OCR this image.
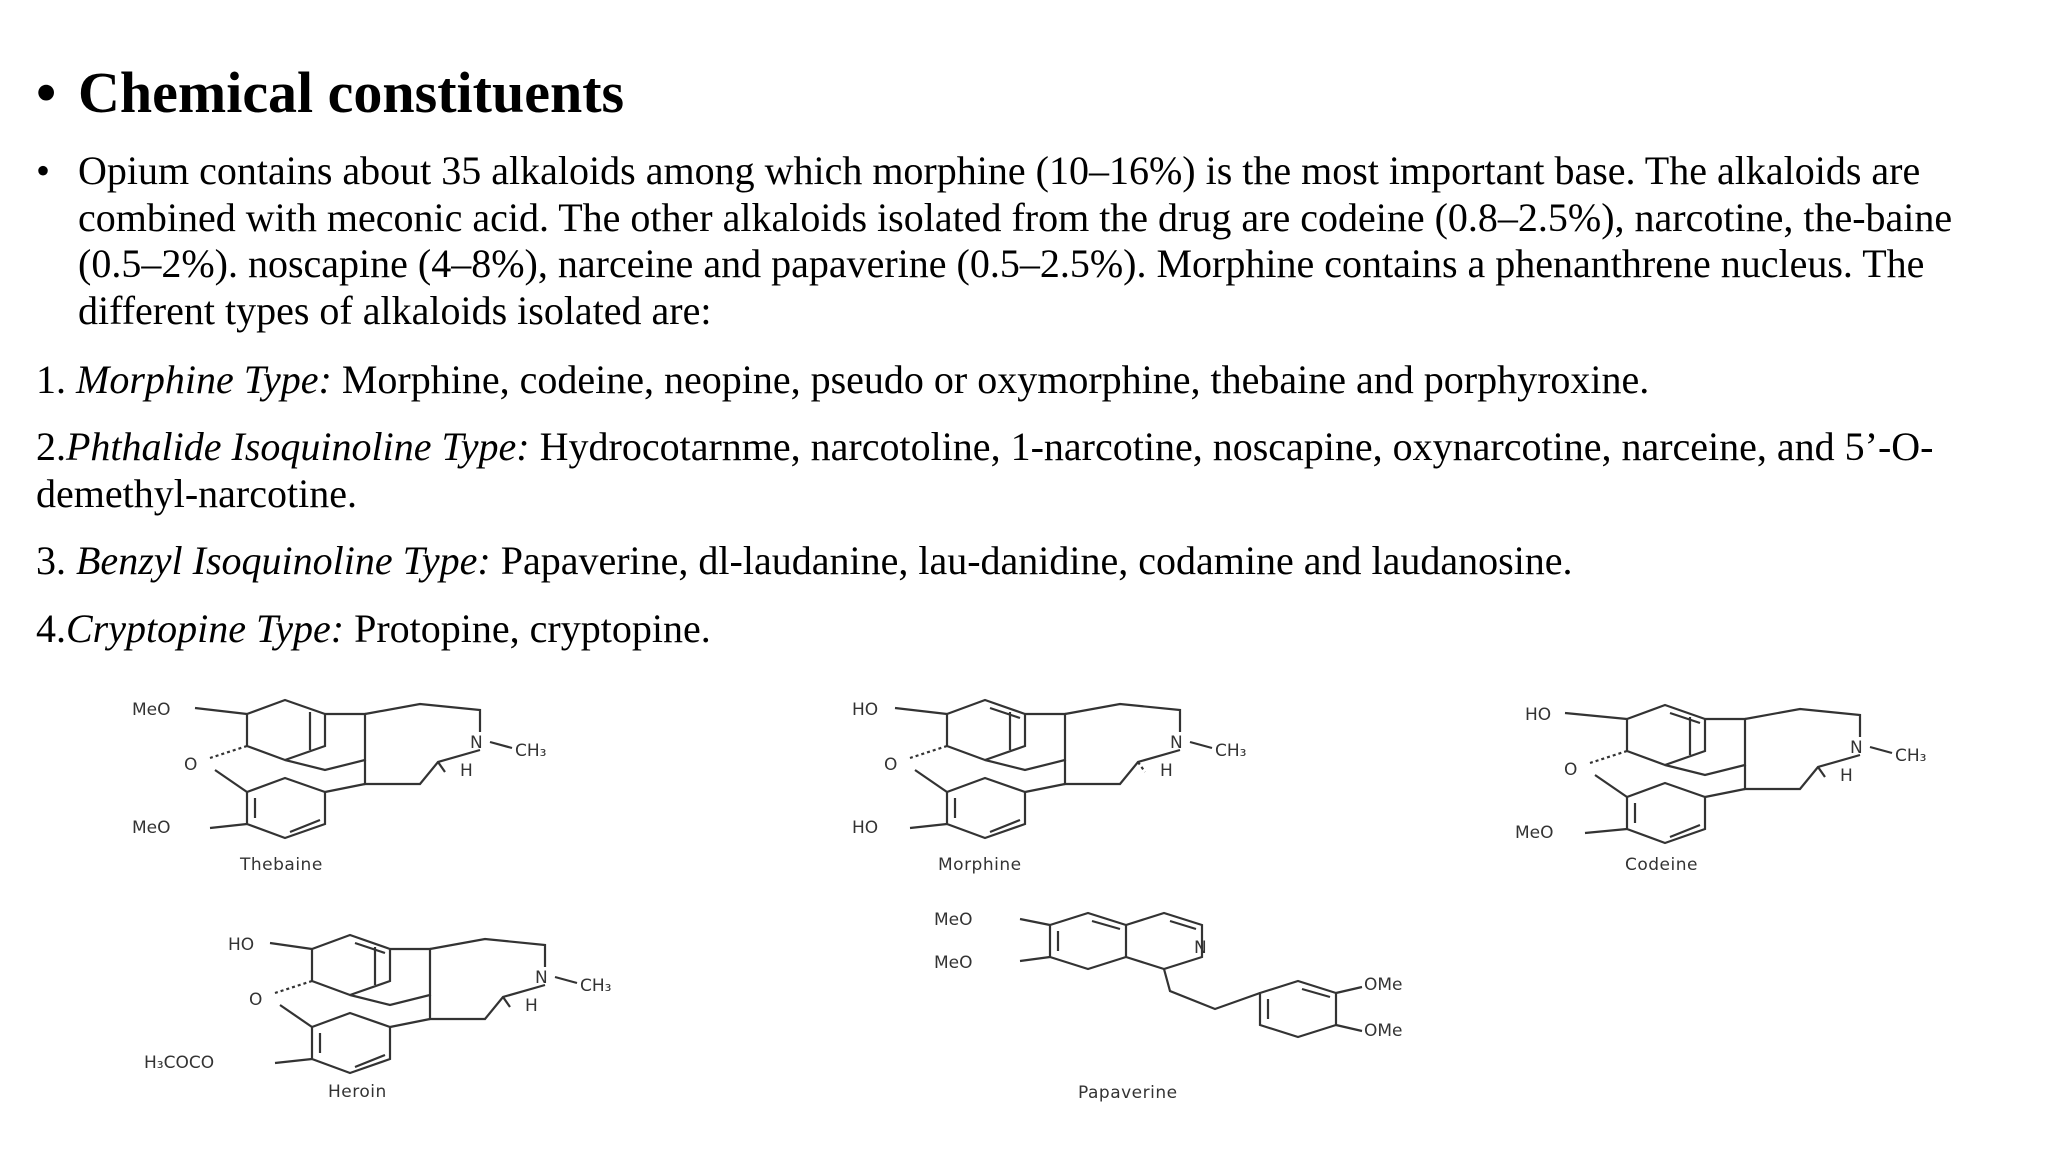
• Chemical constituents
• Opium contains about 35 alkaloids among which morphine (10–16%) is the most important base. The alkaloids are combined with meconic acid. The other alkaloids isolated from the drug are codeine (0.8–2.5%), narcotine, the-baine (0.5–2%). noscapine (4–8%), narceine and papaverine (0.5–2.5%). Morphine contains a phenanthrene nucleus. The different types of alkaloids isolated are:
1. Morphine Type: Morphine, codeine, neopine, pseudo or oxymorphine, thebaine and porphyroxine.
2.Phthalide Isoquinoline Type: Hydrocotarnme, narcotoline, 1-narcotine, noscapine, oxynarcotine, narceine, and 5’-O-demethyl-narcotine.
3. Benzyl Isoquinoline Type: Papaverine, dl-laudanine, lau-danidine, codamine and laudanosine.
4.Cryptopine Type: Protopine, cryptopine.
MeO
MeO
O
N CH₃
H
Thebaine
HO
HO
O
N CH₃
H
Morphine
HO
MeO
O
N CH₃
H
Codeine
HO
H₃COCO
O
N CH₃
H
Heroin
MeO
MeO
N
OMe
OMe
Papaverine
